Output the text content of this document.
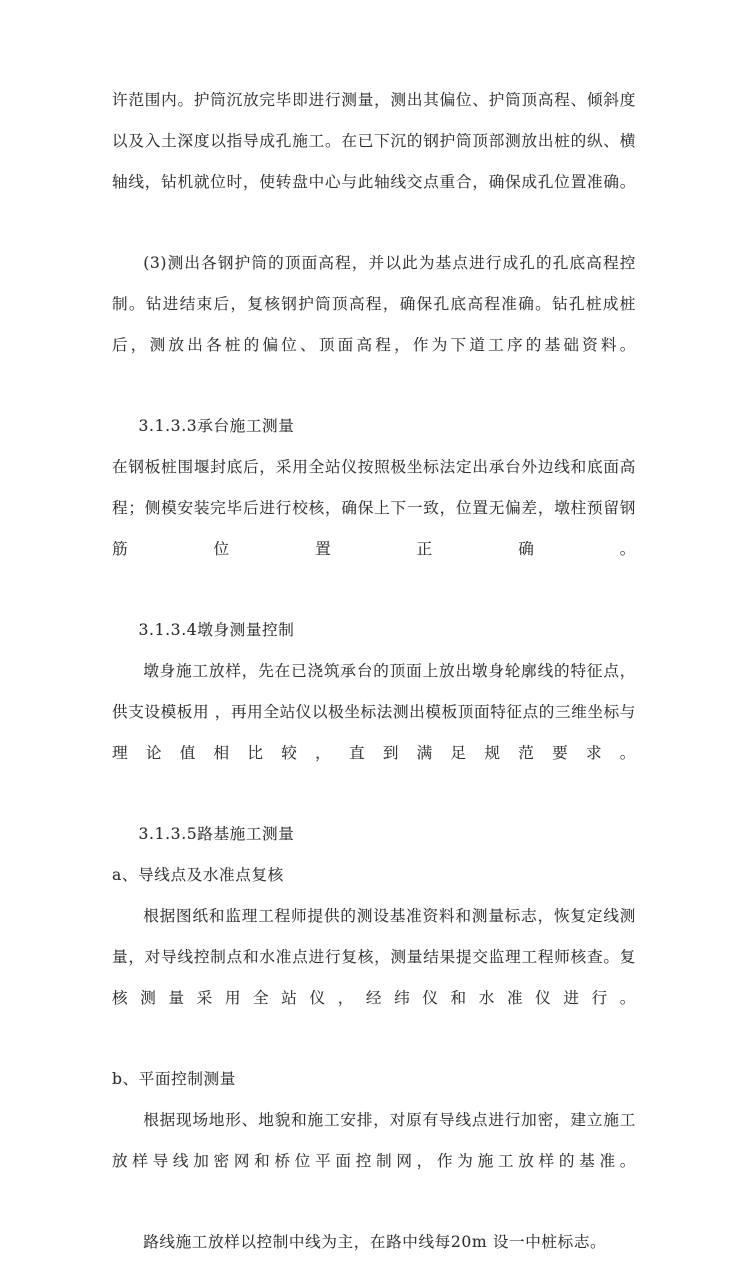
许范围内。护筒沉放完毕即进行测量，测出其偏位、护筒顶高程、倾斜度以及入土深度以指导成孔施工。在已下沉的钢护筒顶部测放出桩的纵、横轴线，钻机就位时，使转盘中心与此轴线交点重合，确保成孔位置准确。

(3)测出各钢护筒的顶面高程，并以此为基点进行成孔的孔底高程控制。钻进结束后，复核钢护筒顶高程，确保孔底高程准确。钻孔桩成桩后，测放出各桩的偏位、顶面高程，作为下道工序的基础资料。

3.1.3.3承台施工测量

在钢板桩围堰封底后，采用全站仪按照极坐标法定出承台外边线和底面高程；侧模安装完毕后进行校核，确保上下一致，位置无偏差，墩柱预留钢筋位置正确。

3.1.3.4墩身测量控制

墩身施工放样，先在已浇筑承台的顶面上放出墩身轮廓线的特征点，供支设模板用 ，再用全站仪以极坐标法测出模板顶面特征点的三维坐标与理论值相比较，直到满足规范要求。

3.1.3.5路基施工测量

a、导线点及水准点复核

根据图纸和监理工程师提供的测设基准资料和测量标志，恢复定线测量，对导线控制点和水准点进行复核，测量结果提交监理工程师核查。复核测量采用全站仪，经纬仪和水准仪进行。

b、平面控制测量

根据现场地形、地貌和施工安排，对原有导线点进行加密，建立施工放样导线加密网和桥位平面控制网，作为施工放样的基准。

路线施工放样以控制中线为主，在路中线每20m 设一中桩标志。
